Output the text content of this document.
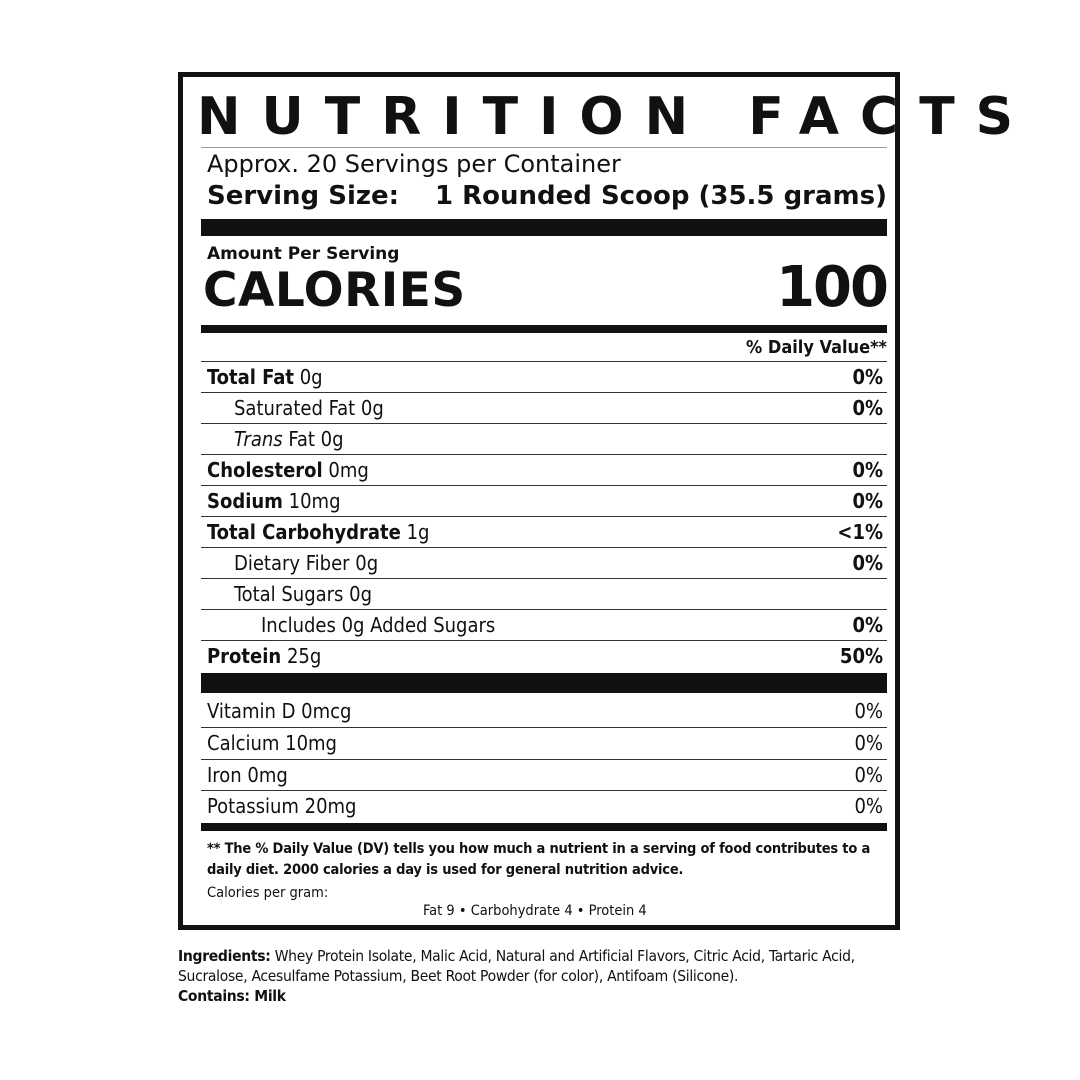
NUTRITION FACTS
Approx. 20 Servings per Container
Serving Size: 1 Rounded Scoop (35.5 grams)
Amount Per Serving
CALORIES	100
% Daily Value**
Total Fat 0g	0%
Saturated Fat 0g	0%
Trans Fat 0g
Cholesterol 0mg	0%
Sodium 10mg	0%
Total Carbohydrate 1g	<1%
Dietary Fiber 0g	0%
Total Sugars 0g
Includes 0g Added Sugars	0%
Protein 25g	50%
Vitamin D 0mcg	0%
Calcium 10mg	0%
Iron 0mg	0%
Potassium 20mg	0%
** The % Daily Value (DV) tells you how much a nutrient in a serving of food contributes to a daily diet. 2000 calories a day is used for general nutrition advice.
Calories per gram:
Fat 9 • Carbohydrate 4 • Protein 4
Ingredients: Whey Protein Isolate, Malic Acid, Natural and Artificial Flavors, Citric Acid, Tartaric Acid, Sucralose, Acesulfame Potassium, Beet Root Powder (for color), Antifoam (Silicone).
Contains: Milk
